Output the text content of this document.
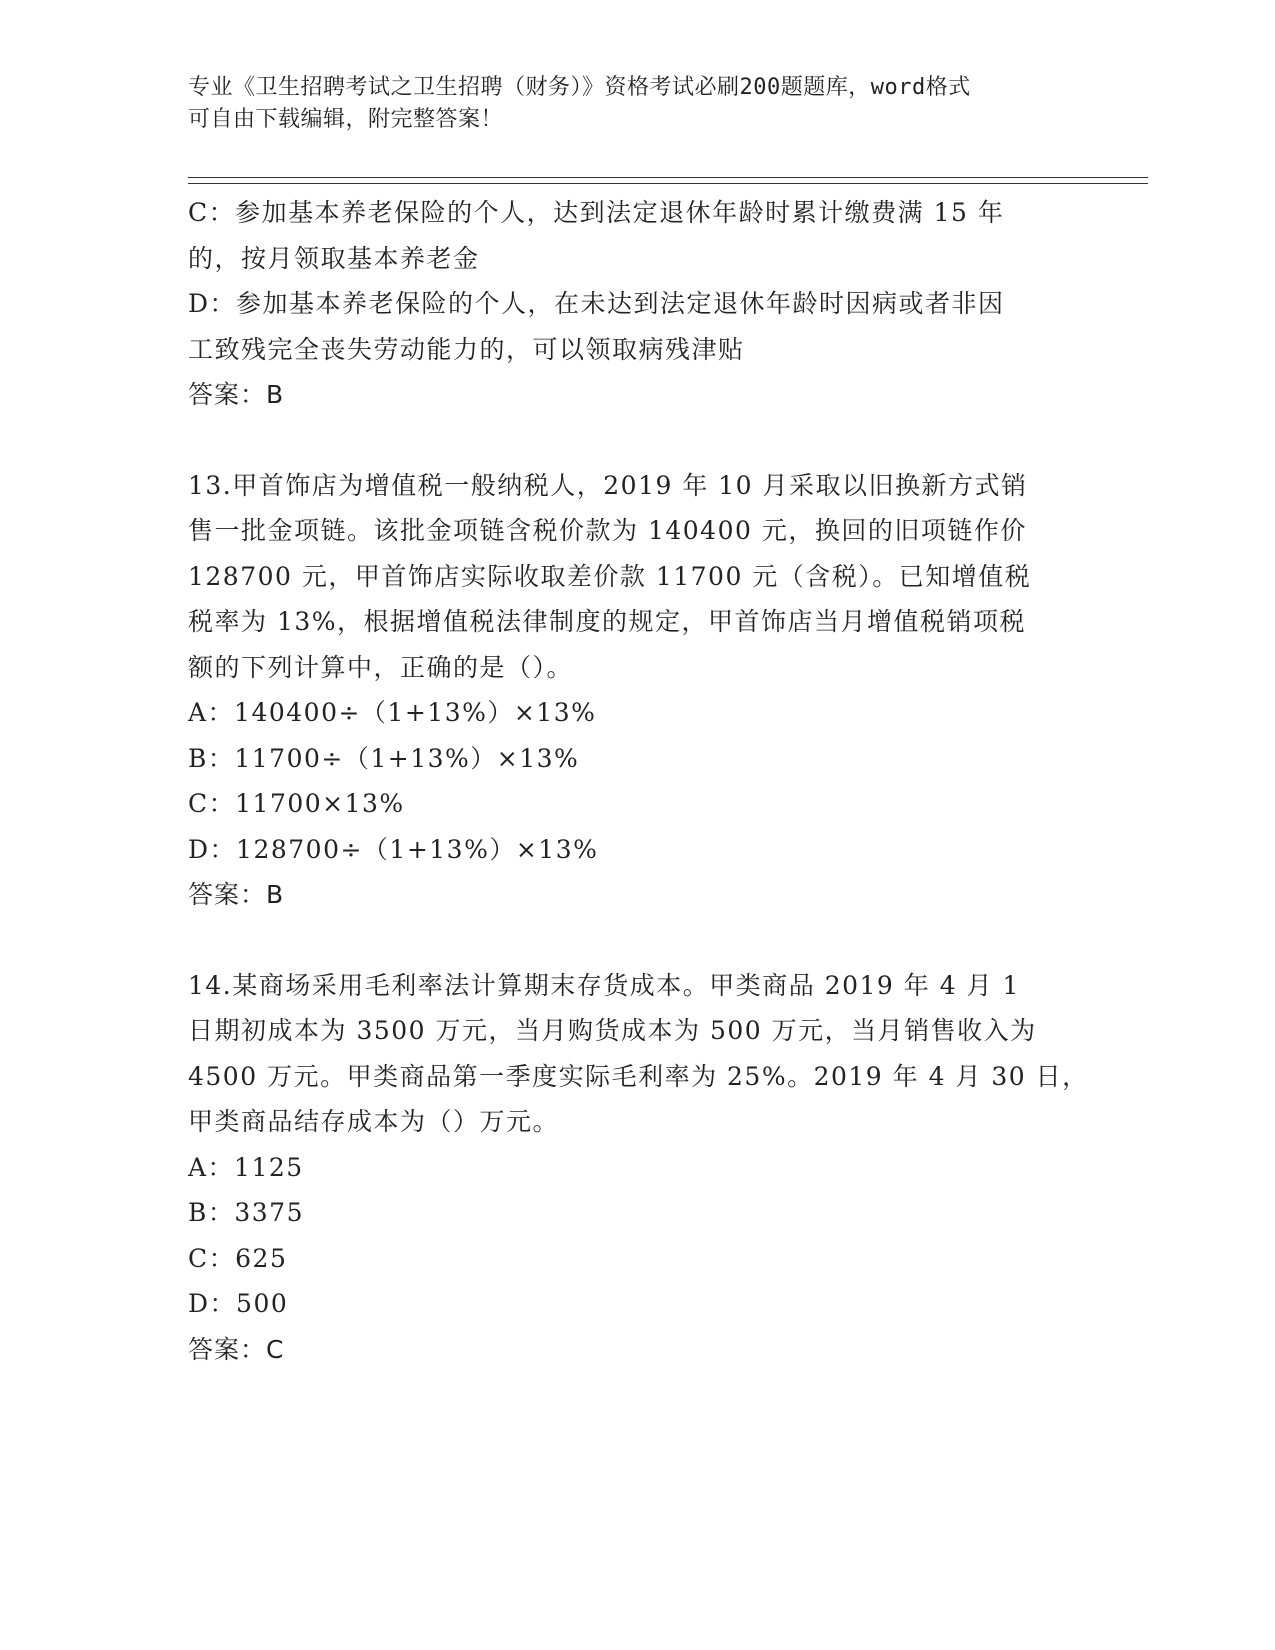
专业《卫生招聘考试之卫生招聘（财务）》资格考试必刷200题题库，word格式
可自由下载编辑，附完整答案！
C：参加基本养老保险的个人，达到法定退休年龄时累计缴费满 15 年
的，按月领取基本养老金
D：参加基本养老保险的个人，在未达到法定退休年龄时因病或者非因
工致残完全丧失劳动能力的，可以领取病残津贴
答案：B
13.甲首饰店为增值税一般纳税人，2019 年 10 月采取以旧换新方式销
售一批金项链。该批金项链含税价款为 140400 元，换回的旧项链作价
128700 元，甲首饰店实际收取差价款 11700 元（含税）。已知增值税
税率为 13%，根据增值税法律制度的规定，甲首饰店当月增值税销项税
额的下列计算中，正确的是（）。
A：140400÷（1+13%）×13%
B：11700÷（1+13%）×13%
C：11700×13%
D：128700÷（1+13%）×13%
答案：B
14.某商场采用毛利率法计算期末存货成本。甲类商品 2019 年 4 月 1
日期初成本为 3500 万元，当月购货成本为 500 万元，当月销售收入为
4500 万元。甲类商品第一季度实际毛利率为 25%。2019 年 4 月 30 日，
甲类商品结存成本为（）万元。
A：1125
B：3375
C：625
D：500
答案：C
